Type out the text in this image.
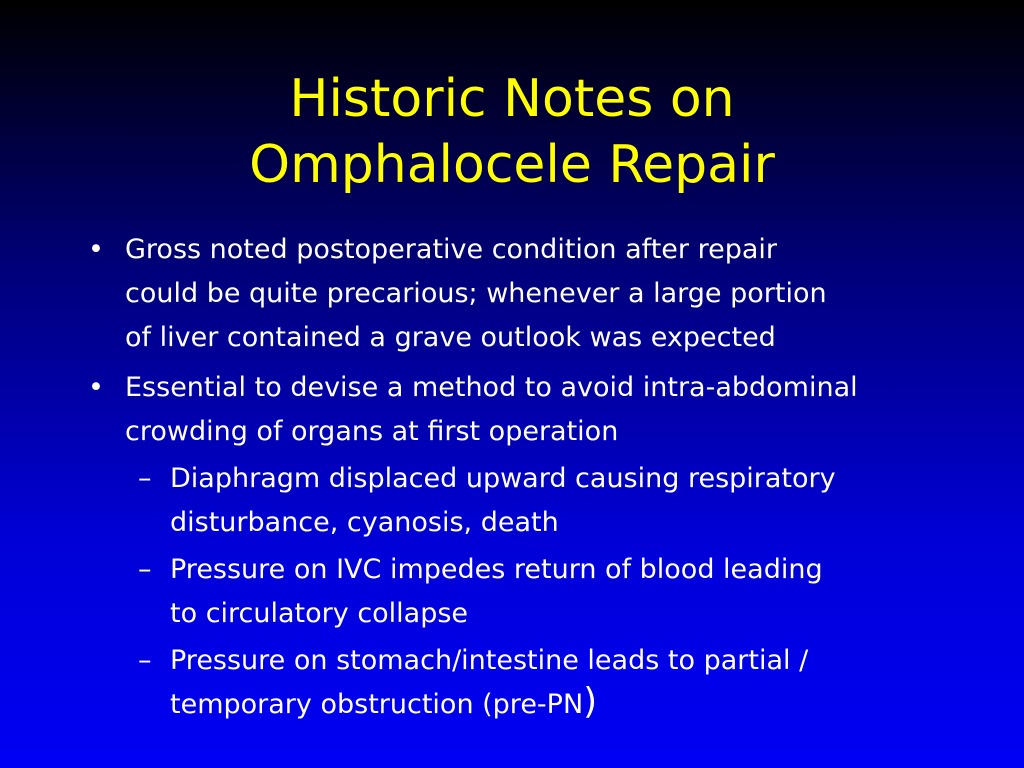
Historic Notes on
Omphalocele Repair

• Gross noted postoperative condition after repair
could be quite precarious; whenever a large portion
of liver contained a grave outlook was expected

• Essential to devise a method to avoid intra-abdominal
crowding of organs at first operation

– Diaphragm displaced upward causing respiratory
disturbance, cyanosis, death

– Pressure on IVC impedes return of blood leading
to circulatory collapse

– Pressure on stomach/intestine leads to partial /
temporary obstruction (pre-PN)
